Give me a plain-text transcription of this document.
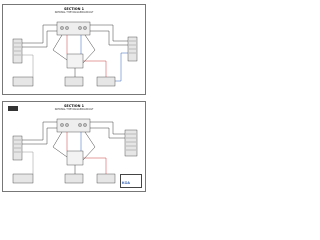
SECTION 1
NATIONAL TYPE RAKIA-BROADCAST
SECTION 1
NATIONAL TYPE RAKIA-BROADCAST
KOA
